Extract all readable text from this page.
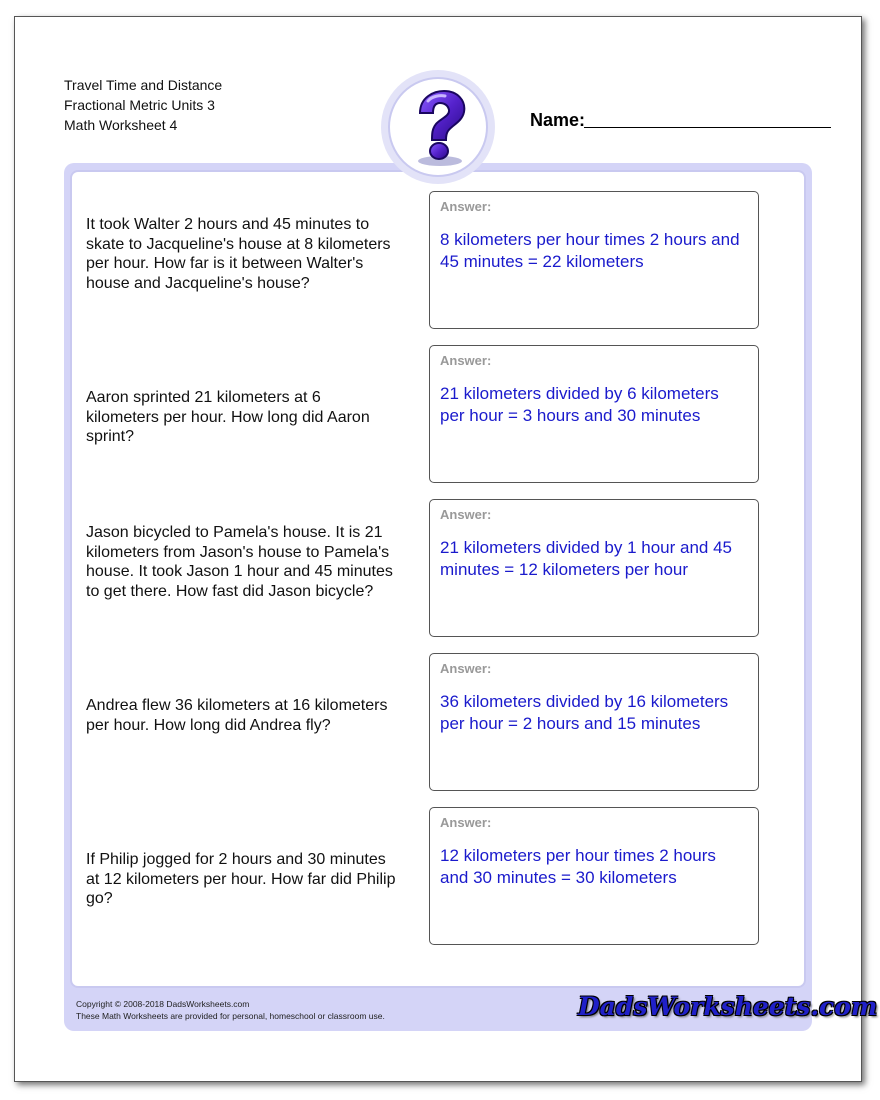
Travel Time and Distance
Fractional Metric Units 3
Math Worksheet 4	Name:
It took Walter 2 hours and 45 minutes to skate to Jacqueline's house at 8 kilometers per hour. How far is it between Walter's house and Jacqueline's house?
Answer:
8 kilometers per hour times 2 hours and 45 minutes = 22 kilometers
Aaron sprinted 21 kilometers at 6 kilometers per hour. How long did Aaron sprint?
Answer:
21 kilometers divided by 6 kilometers per hour = 3 hours and 30 minutes
Jason bicycled to Pamela's house. It is 21 kilometers from Jason's house to Pamela's house. It took Jason 1 hour and 45 minutes to get there. How fast did Jason bicycle?
Answer:
21 kilometers divided by 1 hour and 45 minutes = 12 kilometers per hour
Andrea flew 36 kilometers at 16 kilometers per hour. How long did Andrea fly?
Answer:
36 kilometers divided by 16 kilometers per hour = 2 hours and 15 minutes
If Philip jogged for 2 hours and 30 minutes at 12 kilometers per hour. How far did Philip go?
Answer:
12 kilometers per hour times 2 hours and 30 minutes = 30 kilometers
Copyright © 2008-2018 DadsWorksheets.com
These Math Worksheets are provided for personal, homeschool or classroom use.	DadsWorksheets.com
